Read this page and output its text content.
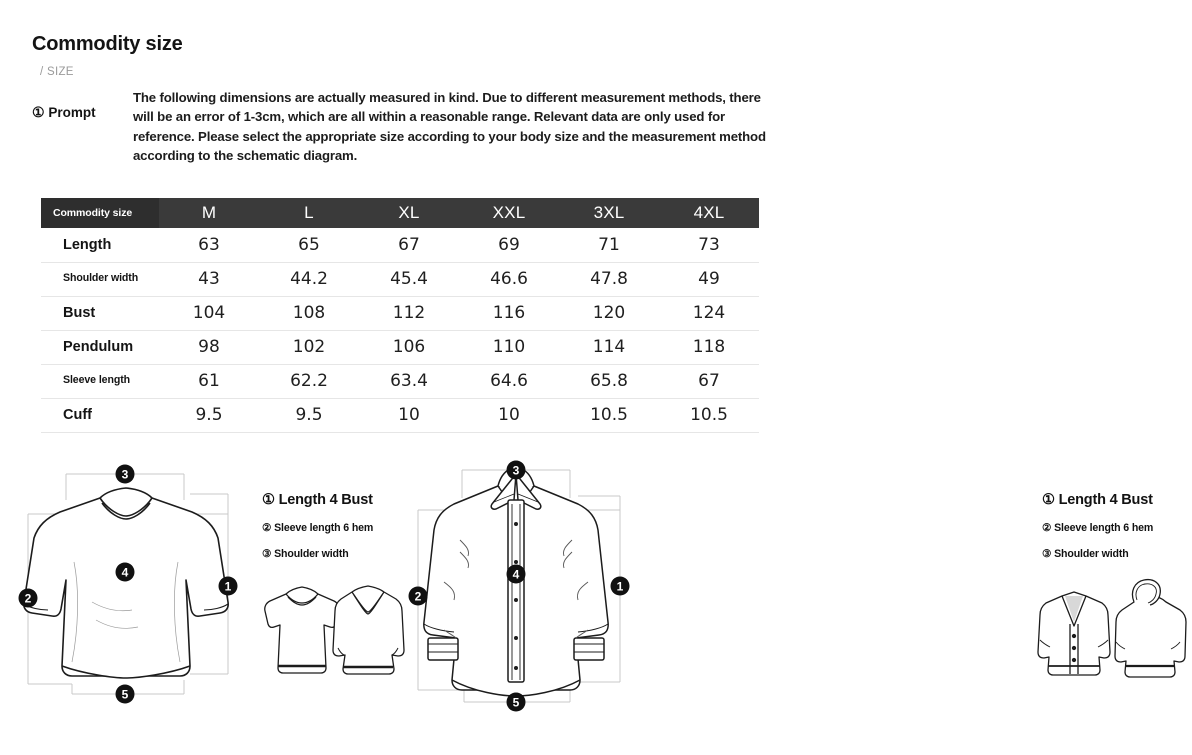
Commodity size
/ SIZE
① Prompt
The following dimensions are actually measured in kind. Due to different measurement methods, there will be an error of 1-3cm, which are all within a reasonable range. Relevant data are only used for reference. Please select the appropriate size according to your body size and the measurement method according to the schematic diagram.
Commodity size	M	L	XL	XXL	3XL	4XL
Length	63	65	67	69	71	73
Shoulder width	43	44.2	45.4	46.6	47.8	49
Bust	104	108	112	116	120	124
Pendulum	98	102	106	110	114	118
Sleeve length	61	62.2	63.4	64.6	65.8	67
Cuff	9.5	9.5	10	10	10.5	10.5
3
4
2
1
5
① Length 4 Bust
② Sleeve length 6 hem
③ Shoulder width
3
4
2
1
5
① Length 4 Bust
② Sleeve length 6 hem
③ Shoulder width
